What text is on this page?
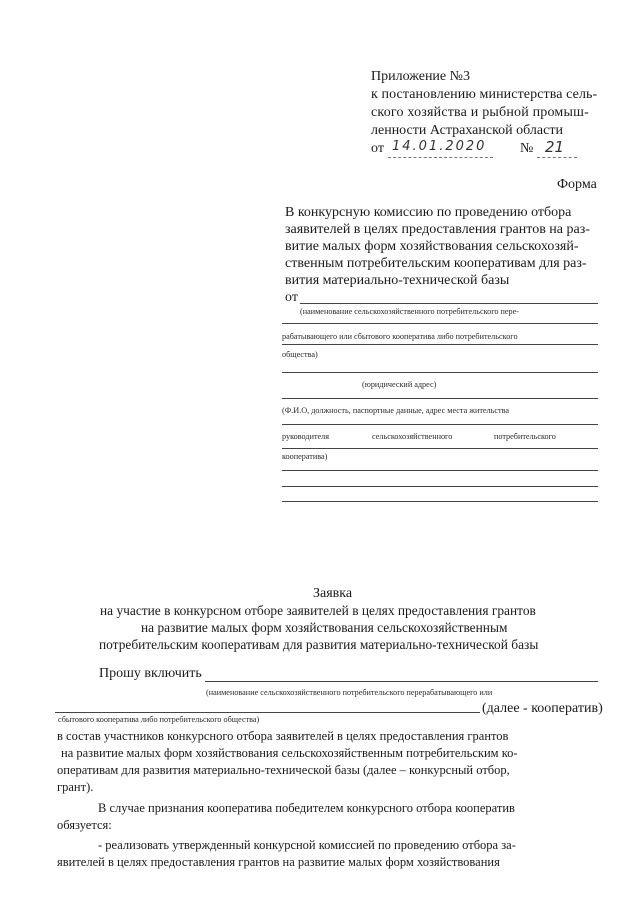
Приложение №3
к постановлению министерства сель-
ского хозяйства и рыбной промыш-
ленности Астраханской области
от 14.01.2020 № 21
Форма
В конкурсную комиссию по проведению отбора
заявителей в целях предоставления грантов на раз-
витие малых форм хозяйствования сельскохозяй-
ственным потребительским кооперативам для раз-
вития материально-технической базы
от
(наименование сельскохозяйственного потребительского пере-
рабатывающего или сбытового кооператива либо потребительского
общества)
(юридический адрес)
(Ф.И.О, должность, паспортные данные, адрес места жительства
руководителя	сельскохозяйственного	потребительского
кооператива)
Заявка
на участие в конкурсном отборе заявителей в целях предоставления грантов
на развитие малых форм хозяйствования сельскохозяйственным
потребительским кооперативам для развития материально-технической базы
Прошу включить
(наименование сельскохозяйственного потребительского перерабатывающего или
(далее - кооператив)
сбытового кооператива либо потребительского общества)
в состав участников конкурсного отбора заявителей в целях предоставления грантов
на развитие малых форм хозяйствования сельскохозяйственным потребительским ко-
оперативам для развития материально-технической базы (далее – конкурсный отбор,
грант).
В случае признания кооператива победителем конкурсного отбора кооператив
обязуется:
- реализовать утвержденный конкурсной комиссией по проведению отбора за-
явителей в целях предоставления грантов на развитие малых форм хозяйствования
